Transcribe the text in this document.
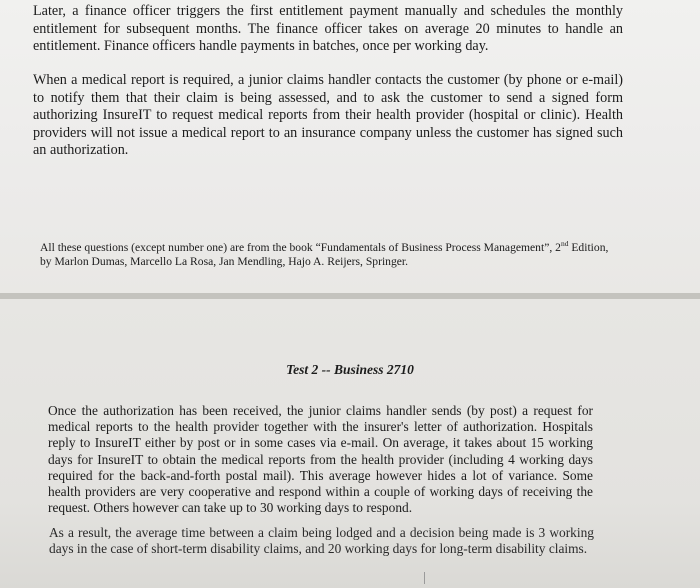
Later, a finance officer triggers the first entitlement payment manually and schedules the monthly entitlement for subsequent months. The finance officer takes on average 20 minutes to handle an entitlement. Finance officers handle payments in batches, once per working day.

When a medical report is required, a junior claims handler contacts the customer (by phone or e-mail) to notify them that their claim is being assessed, and to ask the customer to send a signed form authorizing InsureIT to request medical reports from their health provider (hospital or clinic). Health providers will not issue a medical report to an insurance company unless the customer has signed such an authorization.

All these questions (except number one) are from the book “Fundamentals of Business Process Management”, 2nd Edition, by Marlon Dumas, Marcello La Rosa, Jan Mendling, Hajo A. Reijers, Springer.

Test 2 -- Business 2710

Once the authorization has been received, the junior claims handler sends (by post) a request for medical reports to the health provider together with the insurer's letter of authorization. Hospitals reply to InsureIT either by post or in some cases via e-mail. On average, it takes about 15 working days for InsureIT to obtain the medical reports from the health provider (including 4 working days required for the back-and-forth postal mail). This average however hides a lot of variance. Some health providers are very cooperative and respond within a couple of working days of receiving the request. Others however can take up to 30 working days to respond.

As a result, the average time between a claim being lodged and a decision being made is 3 working days in the case of short-term disability claims, and 20 working days for long-term disability claims.
